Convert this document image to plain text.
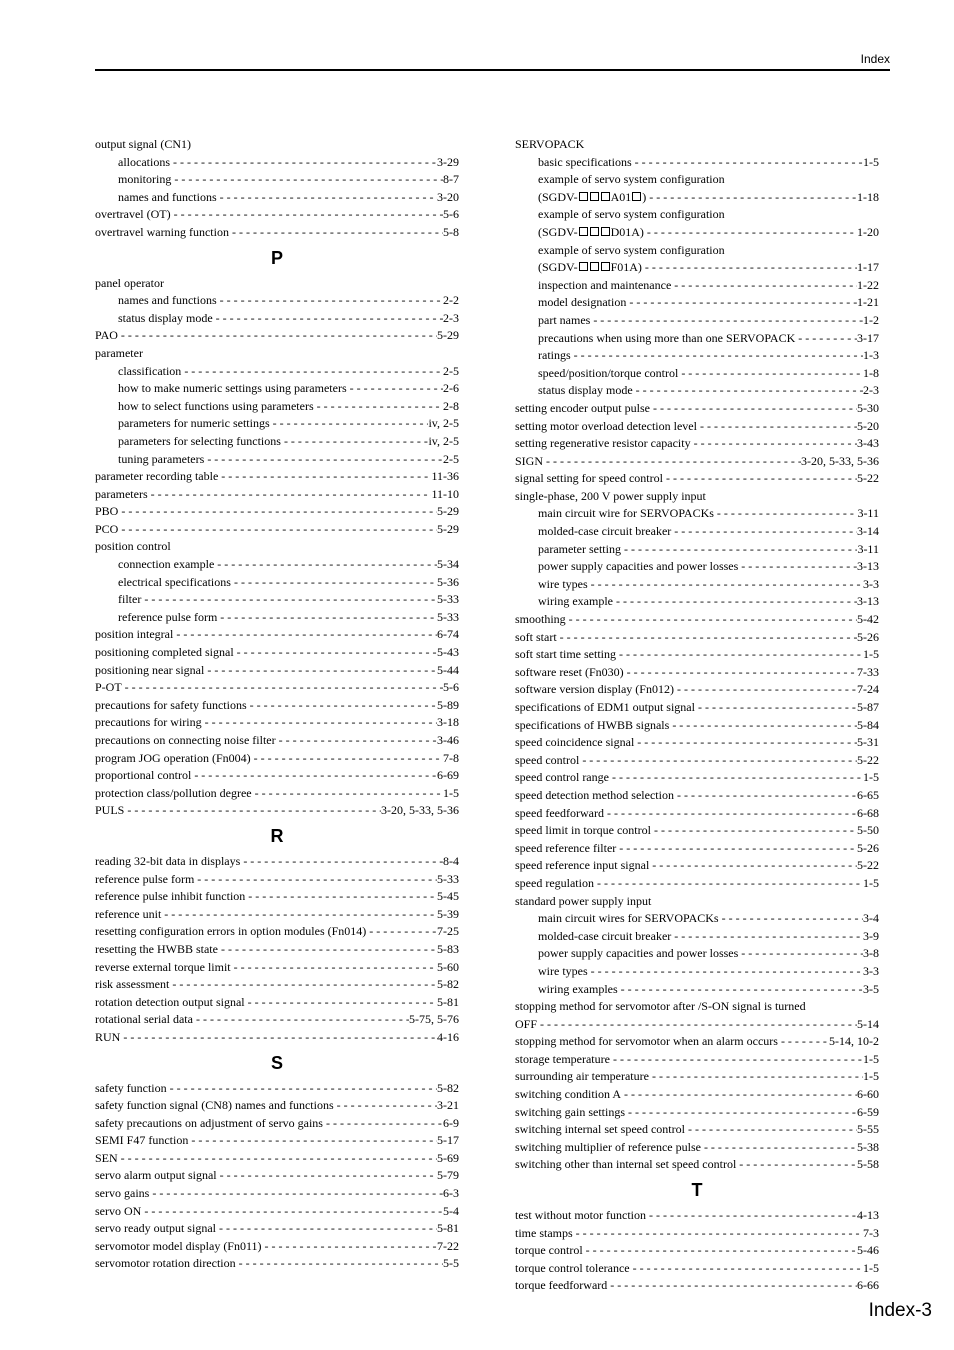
Index
output signal (CN1)
allocations - - -	3-29
monitoring - - -	8-7
names and functions - - -	3-20
overtravel (OT) - - -	5-6
overtravel warning function - - -	5-8
P
panel operator
names and functions - - -	2-2
status display mode - - -	2-3
PAO - - -	5-29
parameter
classification - - -	2-5
how to make numeric settings using parameters - - -	2-6
how to select functions using parameters - - -	2-8
parameters for numeric settings - - -	iv, 2-5
parameters for selecting functions - - -	iv, 2-5
tuning parameters - - -	2-5
parameter recording table - - -	11-36
parameters - - -	11-10
PBO - - -	5-29
PCO - - -	5-29
position control
connection example - - -	5-34
electrical specifications - - -	5-36
filter - - -	5-33
reference pulse form - - -	5-33
position integral - - -	6-74
positioning completed signal - - -	5-43
positioning near signal - - -	5-44
P-OT - - -	5-6
precautions for safety functions - - -	5-89
precautions for wiring - - -	3-18
precautions on connecting noise filter - - -	3-46
program JOG operation (Fn004) - - -	7-8
proportional control - - -	6-69
protection class/pollution degree - - -	1-5
PULS - - -	3-20, 5-33, 5-36
R
reading 32-bit data in displays - - -	8-4
reference pulse form - - -	5-33
reference pulse inhibit function - - -	5-45
reference unit - - -	5-39
resetting configuration errors in option modules (Fn014) - - -	7-25
resetting the HWBB state - - -	5-83
reverse external torque limit - - -	5-60
risk assessment - - -	5-82
rotation detection output signal - - -	5-81
rotational serial data - - -	5-75, 5-76
RUN - - -	4-16
S
safety function - - -	5-82
safety function signal (CN8) names and functions - - -	3-21
safety precautions on adjustment of servo gains - - -	6-9
SEMI F47 function - - -	5-17
SEN - - -	5-69
servo alarm output signal - - -	5-79
servo gains - - -	6-3
servo ON - - -	5-4
servo ready output signal - - -	5-81
servomotor model display (Fn011) - - -	7-22
servomotor rotation direction - - -	5-5
SERVOPACK
basic specifications - - -	1-5
example of servo system configuration
(SGDV-	A01 ) - - -	1-18
example of servo system configuration
(SGDV-	D01A) - - -	1-20
example of servo system configuration
(SGDV-	F01A) - - -	1-17
inspection and maintenance - - -	1-22
model designation - - -	1-21
part names - - -	1-2
precautions when using more than one SERVOPACK - - -	3-17
ratings - - -	1-3
speed/position/torque control - - -	1-8
status display mode - - -	2-3
setting encoder output pulse - - -	5-30
setting motor overload detection level - - -	5-20
setting regenerative resistor capacity - - -	3-43
SIGN - - -	3-20, 5-33, 5-36
signal setting for speed control - - -	5-22
single-phase, 200 V power supply input
main circuit wire for SERVOPACKs - - -	3-11
molded-case circuit breaker - - -	3-14
parameter setting - - -	3-11
power supply capacities and power losses - - -	3-13
wire types - - -	3-3
wiring example - - -	3-13
smoothing - - -	5-42
soft start - - -	5-26
soft start time setting - - -	1-5
software reset (Fn030) - - -	7-33
software version display (Fn012) - - -	7-24
specifications of EDM1 output signal - - -	5-87
specifications of HWBB signals - - -	5-84
speed coincidence signal - - -	5-31
speed control - - -	5-22
speed control range - - -	1-5
speed detection method selection - - -	6-65
speed feedforward - - -	6-68
speed limit in torque control - - -	5-50
speed reference filter - - -	5-26
speed reference input signal - - -	5-22
speed regulation - - -	1-5
standard power supply input
main circuit wires for SERVOPACKs - - -	3-4
molded-case circuit breaker - - -	3-9
power supply capacities and power losses - - -	3-8
wire types - - -	3-3
wiring examples - - -	3-5
stopping method for servomotor after /S-ON signal is turned
OFF - - -	5-14
stopping method for servomotor when an alarm occurs - - -	5-14, 10-2
storage temperature - - -	1-5
surrounding air temperature - - -	1-5
switching condition A - - -	6-60
switching gain settings - - -	6-59
switching internal set speed control - - -	5-55
switching multiplier of reference pulse - - -	5-38
switching other than internal set speed control - - -	5-58
T
test without motor function - - -	4-13
time stamps - - -	7-3
torque control - - -	5-46
torque control tolerance - - -	1-5
torque feedforward - - -	6-66
Index-3
